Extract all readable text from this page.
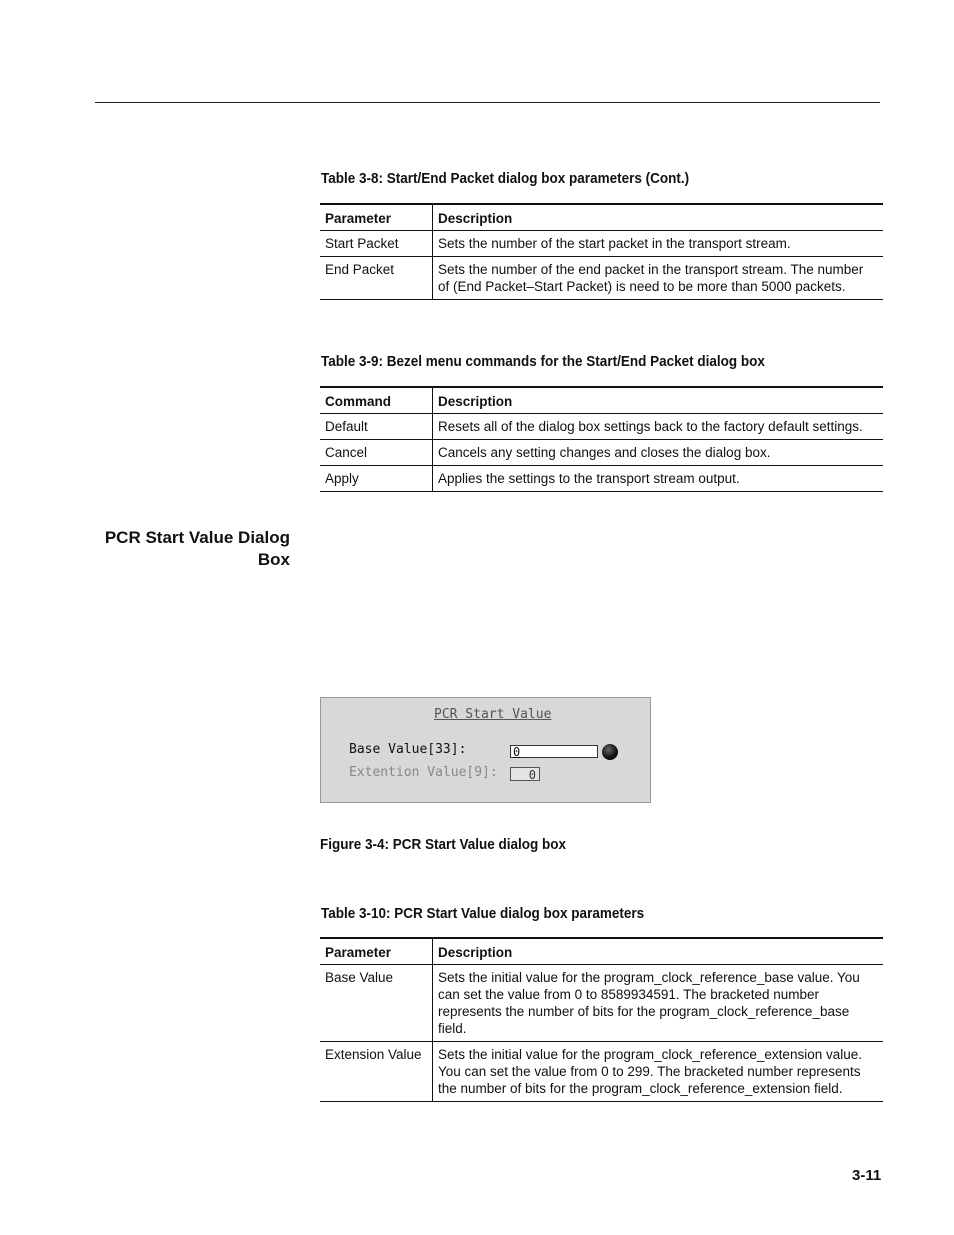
Table 3-8: Start/End Packet dialog box parameters (Cont.)
Parameter	Description
Start Packet	Sets the number of the start packet in the transport stream.
End Packet	Sets the number of the end packet in the transport stream. The number of (End Packet–Start Packet) is need to be more than 5000 packets.
Table 3-9: Bezel menu commands for the Start/End Packet dialog box
Command	Description
Default	Resets all of the dialog box settings back to the factory default settings.
Cancel	Cancels any setting changes and closes the dialog box.
Apply	Applies the settings to the transport stream output.
PCR Start Value Dialog
Box
PCR Start Value
Base Value[33]:	0
Extention Value[9]:	0
Figure 3-4: PCR Start Value dialog box
Table 3-10: PCR Start Value dialog box parameters
Parameter	Description
Base Value	Sets the initial value for the program_clock_reference_base value. You can set the value from 0 to 8589934591. The bracketed number represents the number of bits for the program_clock_reference_base field.
Extension Value	Sets the initial value for the program_clock_reference_extension value. You can set the value from 0 to 299. The bracketed number represents the number of bits for the program_clock_reference_extension field.
3-11
